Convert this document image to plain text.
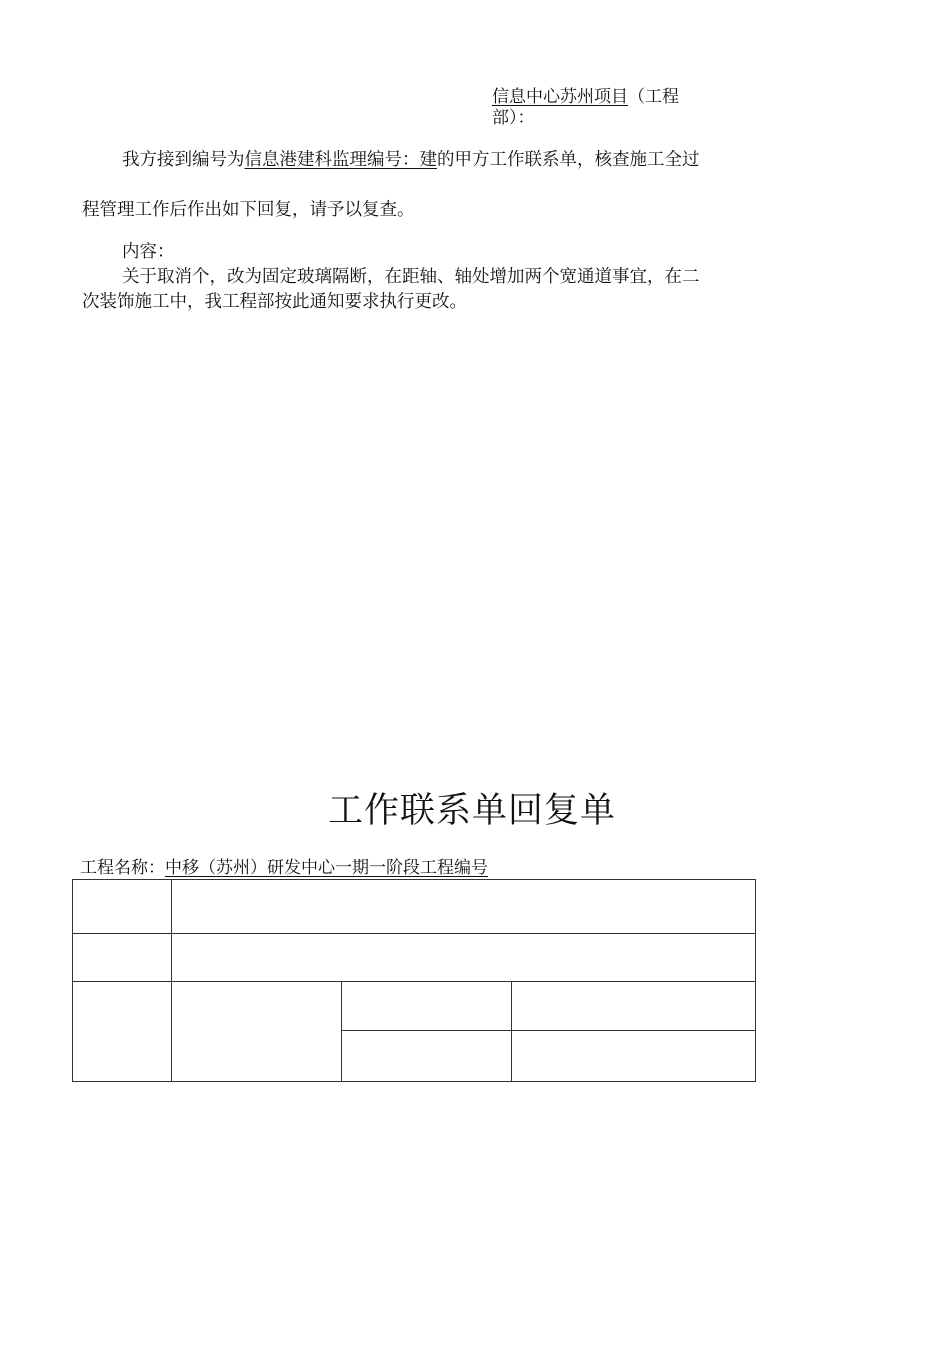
信息中心苏州项目（工程
部）：
我方接到编号为信息港建科监理编号：建的甲方工作联系单，核查施工全过
程管理工作后作出如下回复，请予以复查。
内容：
关于取消个，改为固定玻璃隔断，在距轴、轴处增加两个宽通道事宜，在二
次装饰施工中，我工程部按此通知要求执行更改。
工作联系单回复单
工程名称：中移（苏州）研发中心一期一阶段工程编号
